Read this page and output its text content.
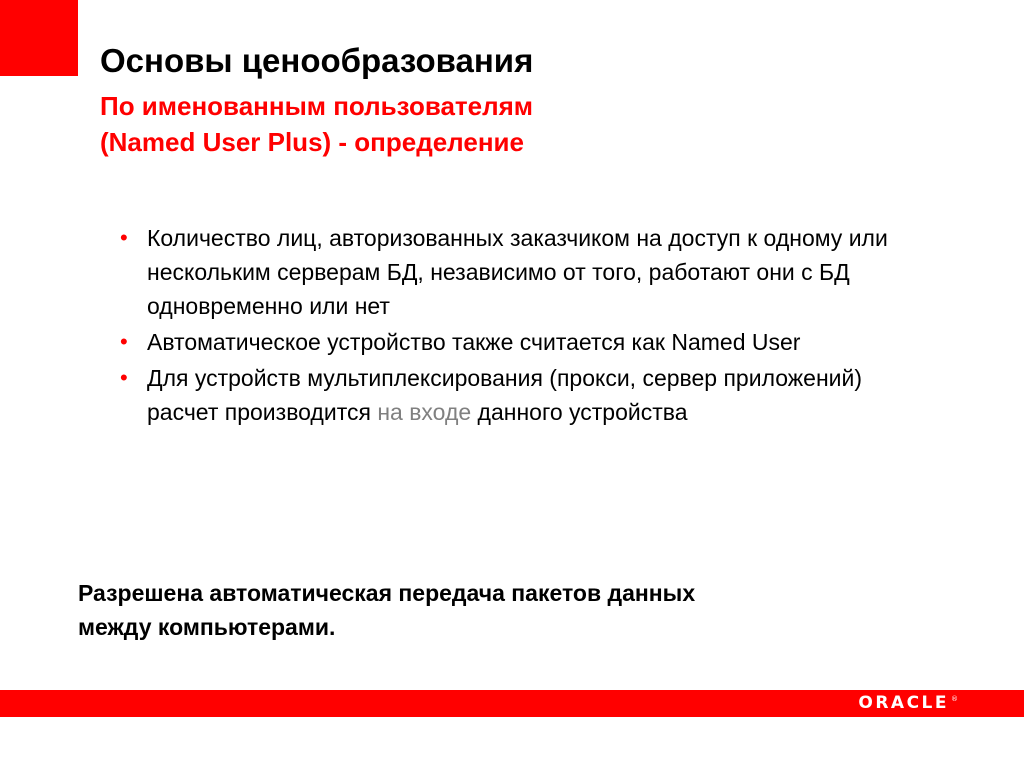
Основы ценообразования
По именованным пользователям
(Named User Plus) - определение
• Количество лиц, авторизованных заказчиком на доступ к одному или нескольким серверам БД, независимо от того, работают они с БД одновременно или нет
• Автоматическое устройство также считается как Named User
• Для устройств мультиплексирования (прокси, сервер приложений) расчет производится на входе данного устройства

Разрешена автоматическая передача пакетов данных
между компьютерами.

ORACLE ®
